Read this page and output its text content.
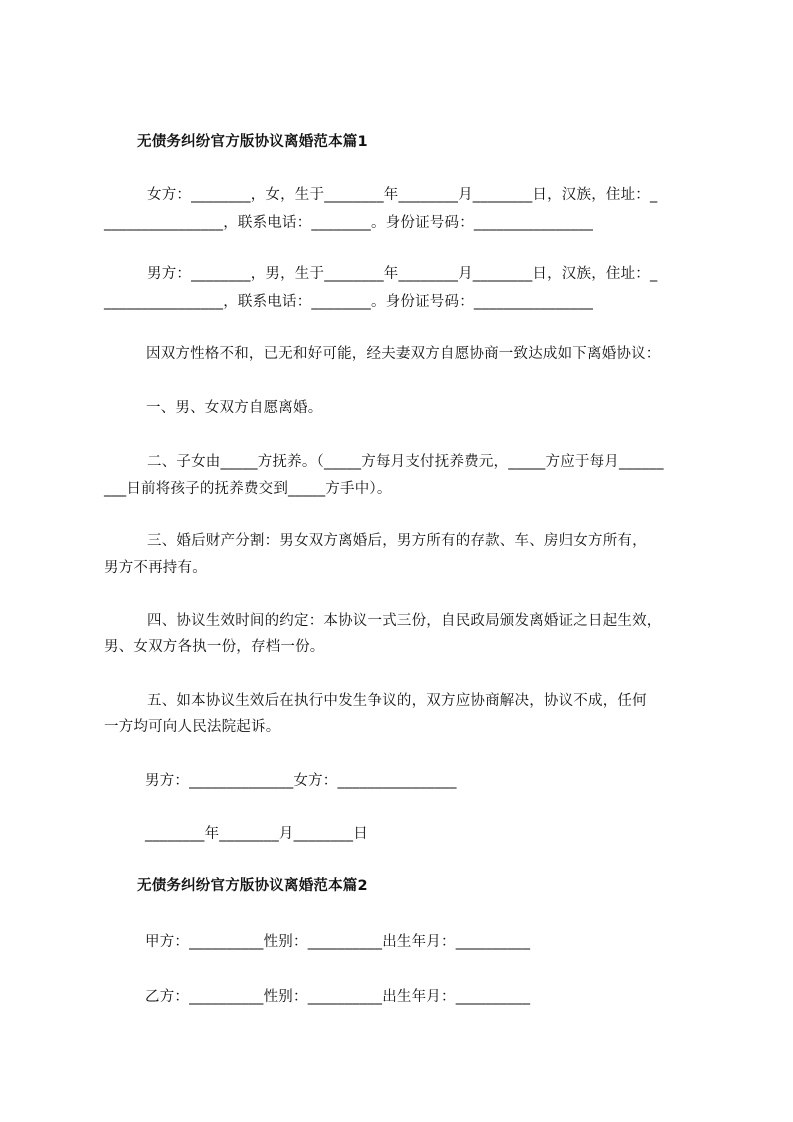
无债务纠纷官方版协议离婚范本篇1
女方：________，女，生于________年________月________日，汉族，住址：_
________________，联系电话：________。身份证号码：________________
男方：________，男，生于________年________月________日，汉族，住址：_
________________，联系电话：________。身份证号码：________________
因双方性格不和，已无和好可能，经夫妻双方自愿协商一致达成如下离婚协议：
一、男、女双方自愿离婚。
二、子女由_____方抚养。（_____方每月支付抚养费元，_____方应于每月______
___日前将孩子的抚养费交到_____方手中）。
三、婚后财产分割：男女双方离婚后，男方所有的存款、车、房归女方所有，
男方不再持有。
四、协议生效时间的约定：本协议一式三份，自民政局颁发离婚证之日起生效，
男、女双方各执一份，存档一份。
五、如本协议生效后在执行中发生争议的，双方应协商解决，协议不成，任何
一方均可向人民法院起诉。
男方：______________女方：________________
________年________月________日
无债务纠纷官方版协议离婚范本篇2
甲方：__________性别：__________出生年月：__________
乙方：__________性别：__________出生年月：__________
